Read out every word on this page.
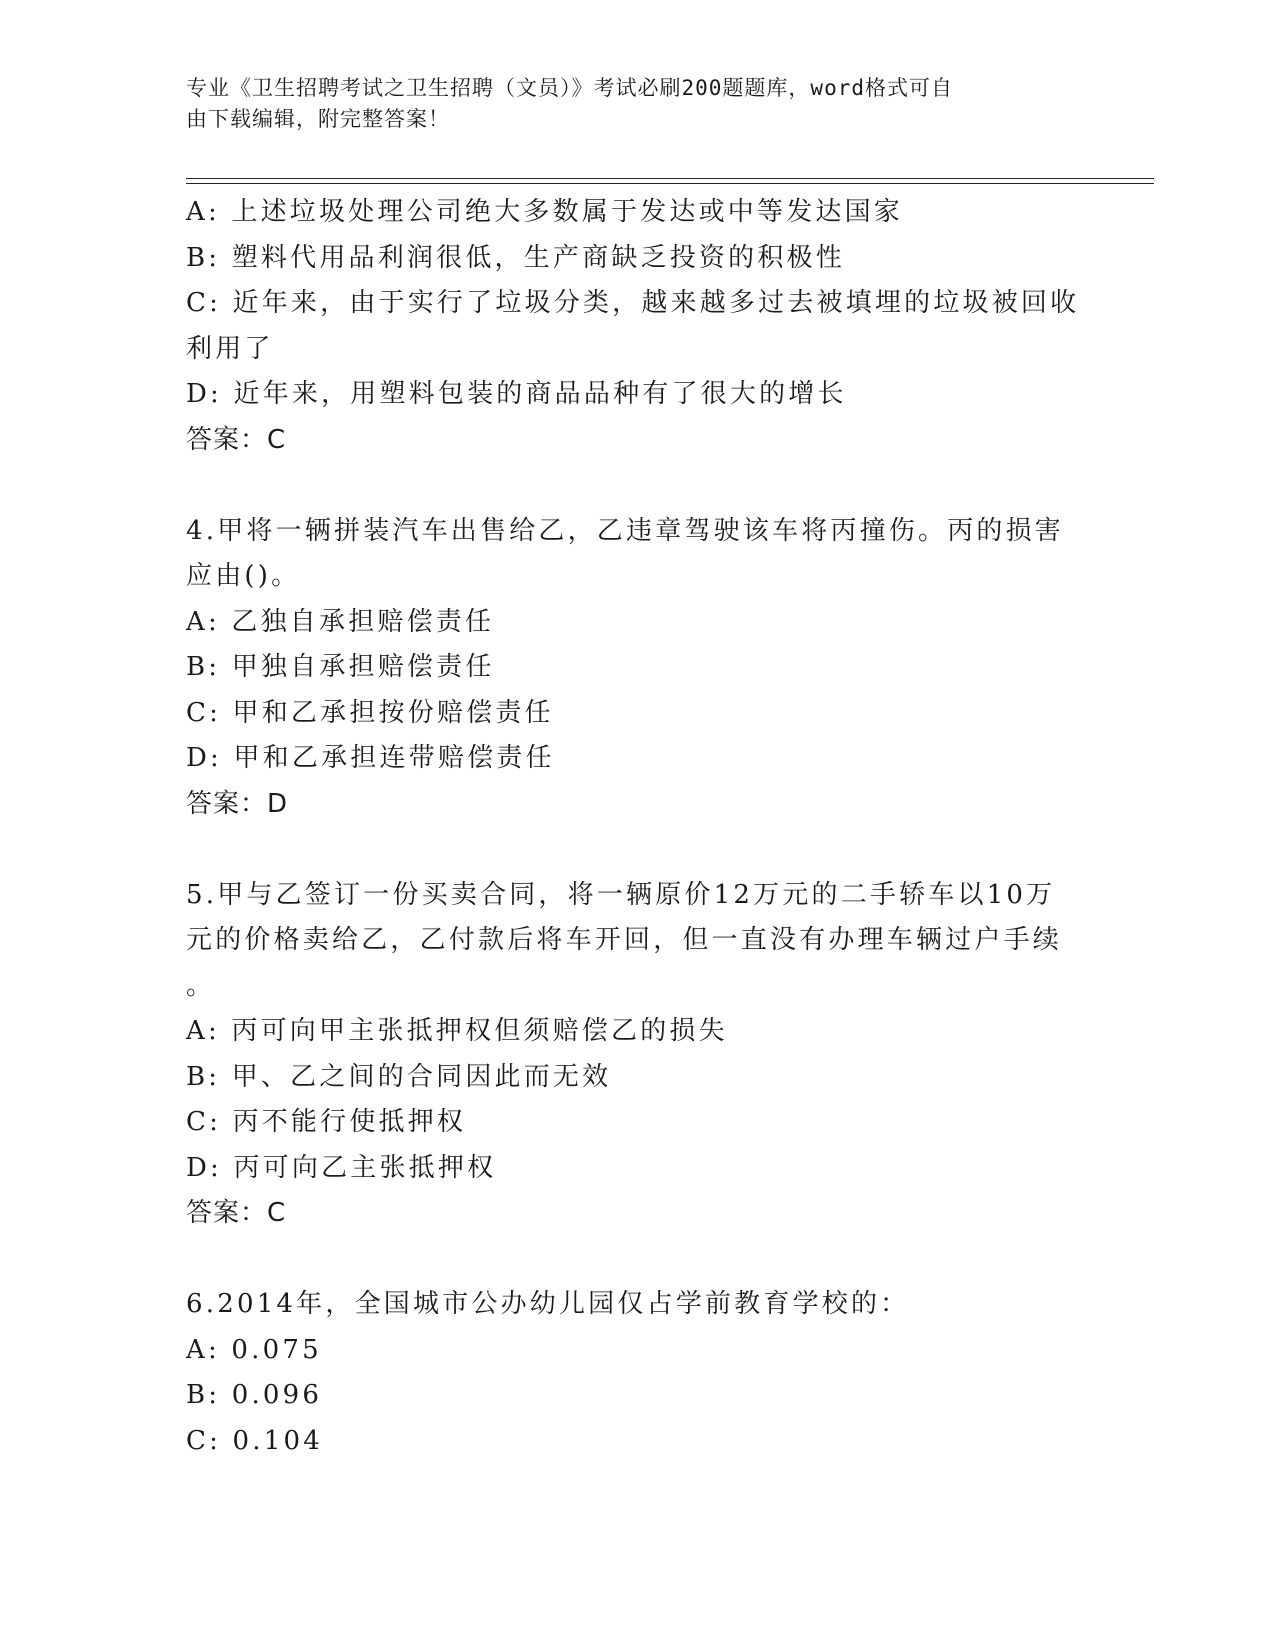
专业《卫生招聘考试之卫生招聘（文员）》考试必刷200题题库，word格式可自
由下载编辑，附完整答案！
A: 上述垃圾处理公司绝大多数属于发达或中等发达国家
B: 塑料代用品利润很低，生产商缺乏投资的积极性
C: 近年来，由于实行了垃圾分类，越来越多过去被填埋的垃圾被回收
利用了
D: 近年来，用塑料包装的商品品种有了很大的增长
答案：C
4.甲将一辆拼装汽车出售给乙，乙违章驾驶该车将丙撞伤。丙的损害
应由()。
A: 乙独自承担赔偿责任
B: 甲独自承担赔偿责任
C: 甲和乙承担按份赔偿责任
D: 甲和乙承担连带赔偿责任
答案：D
5.甲与乙签订一份买卖合同，将一辆原价12万元的二手轿车以10万
元的价格卖给乙，乙付款后将车开回，但一直没有办理车辆过户手续
。
A: 丙可向甲主张抵押权但须赔偿乙的损失
B: 甲、乙之间的合同因此而无效
C: 丙不能行使抵押权
D: 丙可向乙主张抵押权
答案：C
6.2014年，全国城市公办幼儿园仅占学前教育学校的：
A: 0.075
B: 0.096
C: 0.104
